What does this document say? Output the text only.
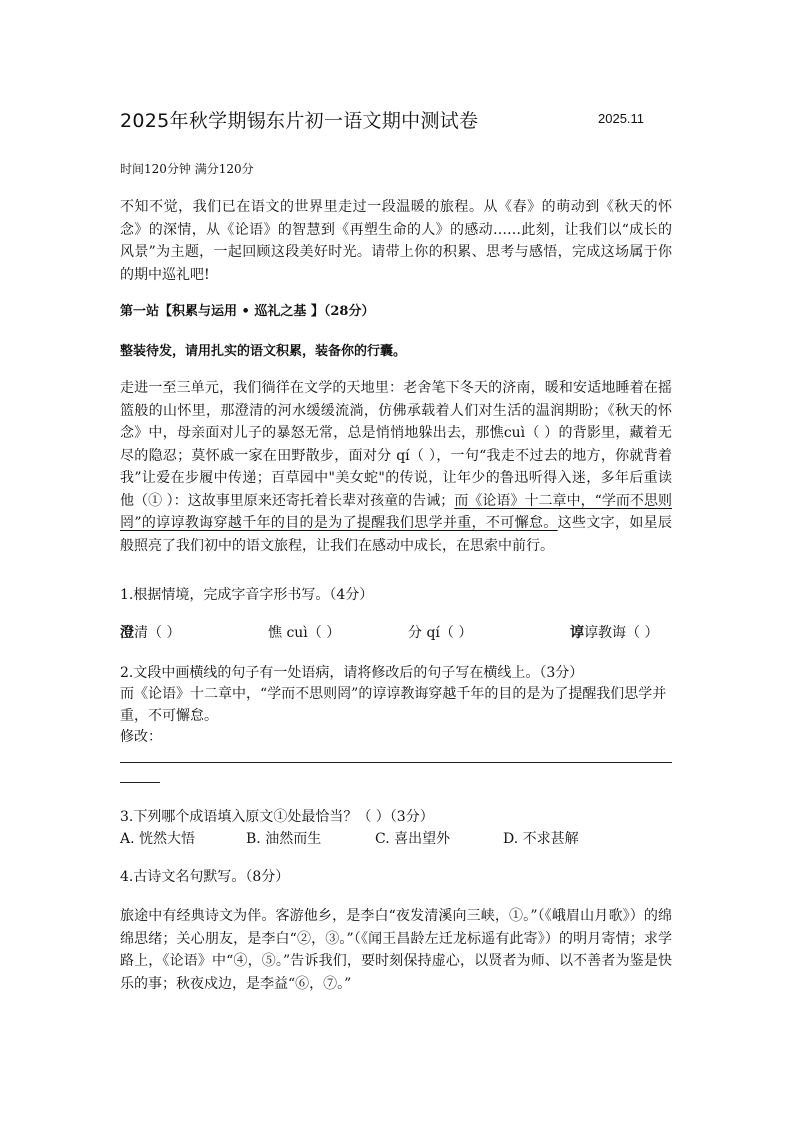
2025年秋学期锡东片初一语文期中测试卷	2025.11
时间120分钟 满分120分
不知不觉，我们已在语文的世界里走过一段温暖的旅程。从《春》的萌动到《秋天的怀念》的深情，从《论语》的智慧到《再塑生命的人》的感动……此刻，让我们以“成长的风景”为主题，一起回顾这段美好时光。请带上你的积累、思考与感悟，完成这场属于你的期中巡礼吧!
第一站【积累与运用 • 巡礼之基 】（28分）
整装待发，请用扎实的语文积累，装备你的行囊。
走进一至三单元，我们徜徉在文学的天地里：老舍笔下冬天的济南，暖和安适地睡着在摇篮般的山怀里，那澄清的河水缓缓流淌，仿佛承载着人们对生活的温润期盼；《秋天的怀念》中，母亲面对儿子的暴怒无常，总是悄悄地躲出去，那憔cuì（ ）的背影里，藏着无尽的隐忍；莫怀戚一家在田野散步，面对分 qí（ ），一句“我走不过去的地方，你就背着我”让爱在步履中传递；百草园中"美女蛇"的传说，让年少的鲁迅听得入迷，多年后重读他（① ）：这故事里原来还寄托着长辈对孩童的告诫；而《论语》十二章中，“学而不思则罔”的谆谆教诲穿越千年的目的是为了提醒我们思学并重，不可懈怠。这些文字，如星辰般照亮了我们初中的语文旅程，让我们在感动中成长，在思索中前行。
1.根据情境，完成字音字形书写。（4分）
澄清（ ）	憔 cuì（ ）	分 qí（ ）	谆谆教诲（ ）
2.文段中画横线的句子有一处语病，请将修改后的句子写在横线上。（3分）
而《论语》十二章中，“学而不思则罔”的谆谆教诲穿越千年的目的是为了提醒我们思学并重，不可懈怠。
修改：
3.下列哪个成语填入原文①处最恰当？（ ）（3分）
A. 恍然大悟	B. 油然而生	C. 喜出望外	D. 不求甚解
4.古诗文名句默写。（8分）
旅途中有经典诗文为伴。客游他乡，是李白“夜发清溪向三峡，①。”（《峨眉山月歌》）的绵绵思绪；关心朋友，是李白“②，③。”（《闻王昌龄左迁龙标遥有此寄》）的明月寄情；求学路上，《论语》中“④，⑤。”告诉我们，要时刻保持虚心，以贤者为师、以不善者为鉴是快乐的事；秋夜戍边，是李益“⑥，⑦。”
